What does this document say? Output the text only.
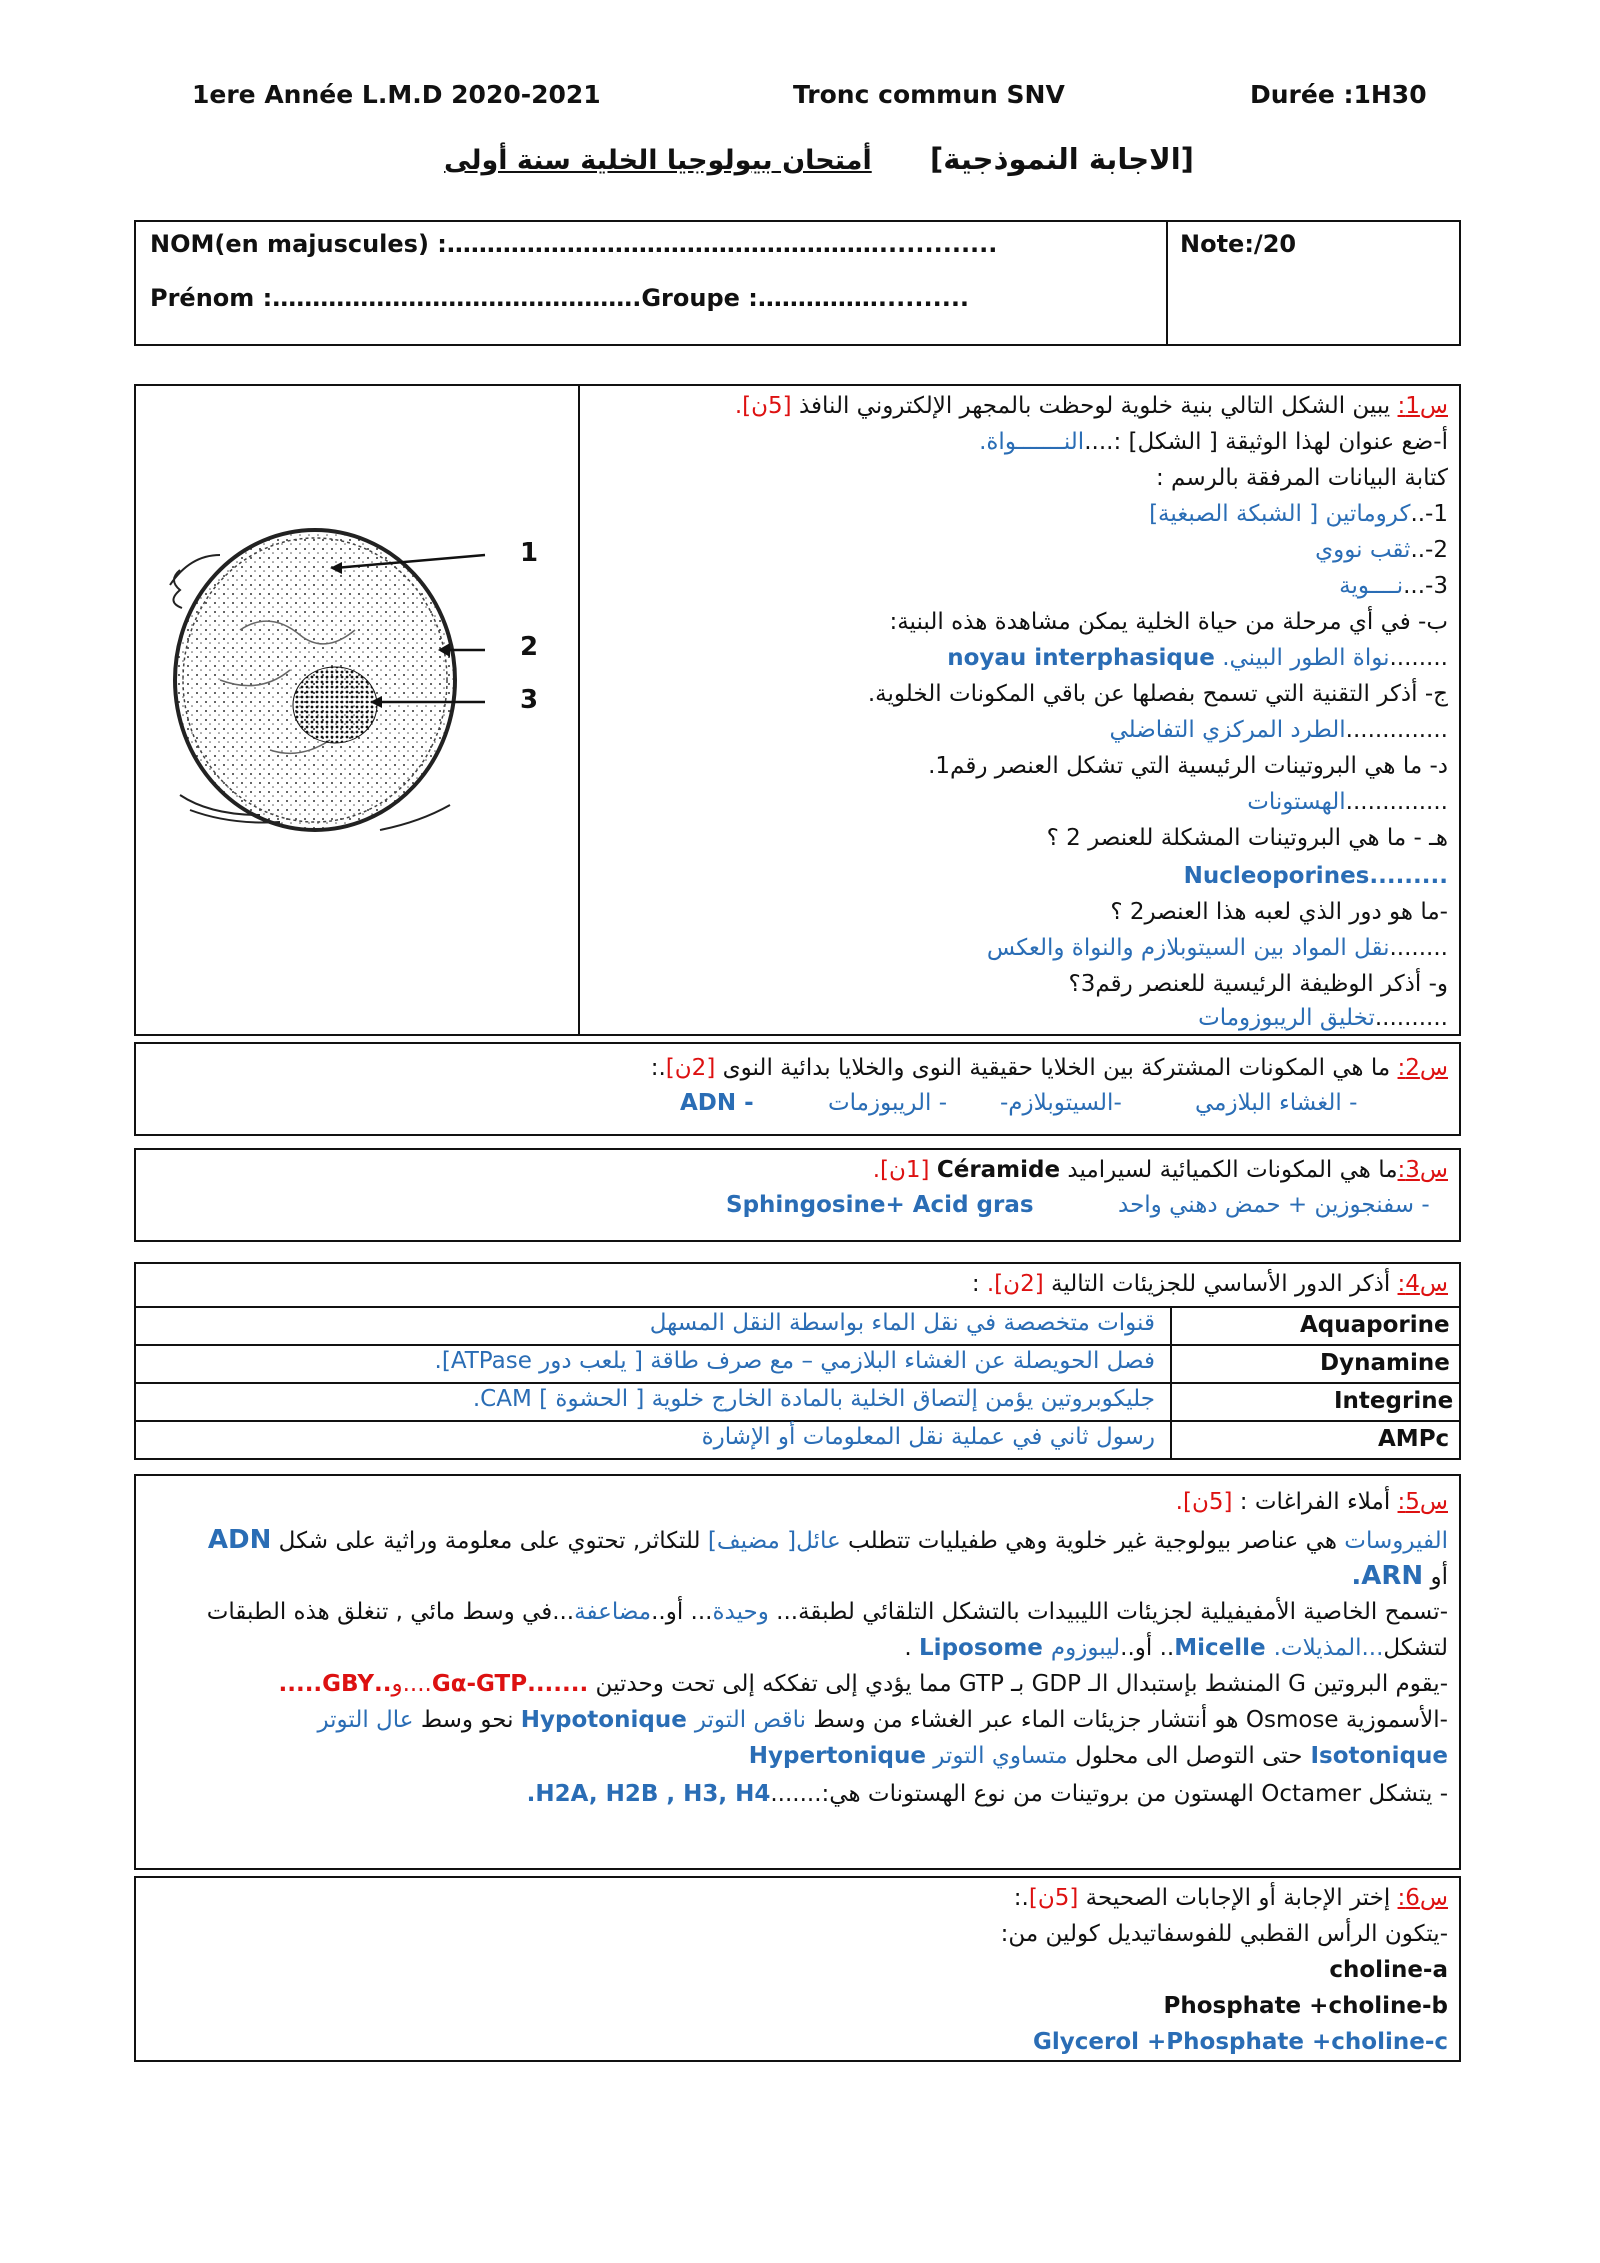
1ere Année L.M.D 2020-2021	Tronc commun SNV	Durée :1H30
[الاجابة النموذجية]
أمتحان بيولوجيا الخلية سنة أولى
NOM(en majuscules) :……………………………………………….............
Prénom :……………………………………….Groupe :……………..........
Note:/20
1
2
3
س1: يبين الشكل التالي بنية خلوية لوحظت بالمجهر الإلكتروني النافذ [5ن].
أ-ضع عنوان لهذا الوثيقة [ الشكل] :....النـــــــواة.
كتابة البيانات المرفقة بالرسم :
1-..كروماتين [ الشبكة الصبغية]
2-..ثقب نووي
3-...نــــوية
ب- في أي مرحلة من حياة الخلية يمكن مشاهدة هذه البنية:
........نواة الطور البيني. noyau interphasique
ج- أذكر التقنية التي تسمح بفصلها عن باقي المكونات الخلوية.
..............الطرد المركزي التفاضلي
د- ما هي البروتينات الرئيسية التي تشكل العنصر رقم1.
..............الهستونات
هـ - ما هي البروتينات المشكلة للعنصر 2 ؟
Nucleoporines.........
-ما هو دور الذي لعبه هذا العنصر2 ؟
........نقل المواد بين السيتوبلازم والنواة والعكس
و- أذكر الوظيفة الرئيسية للعنصر رقم3؟
..........تخليق الريبوزومات
س2: ما هي المكونات المشتركة بين الخلايا حقيقية النوى والخلايا بدائية النوى [2ن].:
- الغشاء البلازمي
-السيتوبلازم-
- الريبوزمات
ADN -
س3:ما هي المكونات الكميائية لسيراميد Céramide [1ن].
- سفنجوزين + حمض دهني واحد
Sphingosine+ Acid gras
س4: أذكر الدور الأساسي للجزيئات التالية [2ن]. :
Aquaporine
قنوات متخصصة في نقل الماء بواسطة النقل المسهل
Dynamine
فصل الحويصلة عن الغشاء البلازمي – مع صرف طاقة [ يلعب دور ATPase].
Integrine
جليكوبروتين يؤمن إلتصاق الخلية بالمادة الخارج خلوية [ الحشوة ] CAM.
AMPc
رسول ثاني في عملية نقل المعلومات أو الإشارة
س5: أملاء الفراغات : [5ن].
الفيروسات هي عناصر بيولوجية غير خلوية وهي طفيليات تتطلب عائل[ مضيف] للتكاثر, تحتوي على معلومة وراثية على شكل ADN
أو ARN.
-تسمح الخاصية الأمفيفيلية لجزيئات الليبيدات بالتشكل التلقائي لطبقة... وحيدة... أو..مضاعفة...في وسط مائي , تنغلق هذه الطبقات
لتشكل...المذيلات. Micelle.. أو..ليبوزوم Liposome .
-يقوم البروتين G المنشط بإستبدال الـ GDP بـ GTP مما يؤدي إلى تفككه إلى تحت وحدتين .......Gα-GTP....و..GBY.....
-الأسموزية Osmose هو أنتشار جزيئات الماء عبر الغشاء من وسط ناقص التوتر Hypotonique نحو وسط عال التوتر
Hypertonique حتى التوصل الى محلول متساوي التوتر	Isotonique
- يتشكل Octamer الهستون من بروتينات من نوع الهستونات هي:.......H2A, H2B , H3, H4.
س6: إختر الإجابة أو الإجابات الصحيحة [5ن].:
-يتكون الرأس القطبي للفوسفاتيديل كولين من:
choline-a
Phosphate +choline-b
Glycerol +Phosphate +choline-c
